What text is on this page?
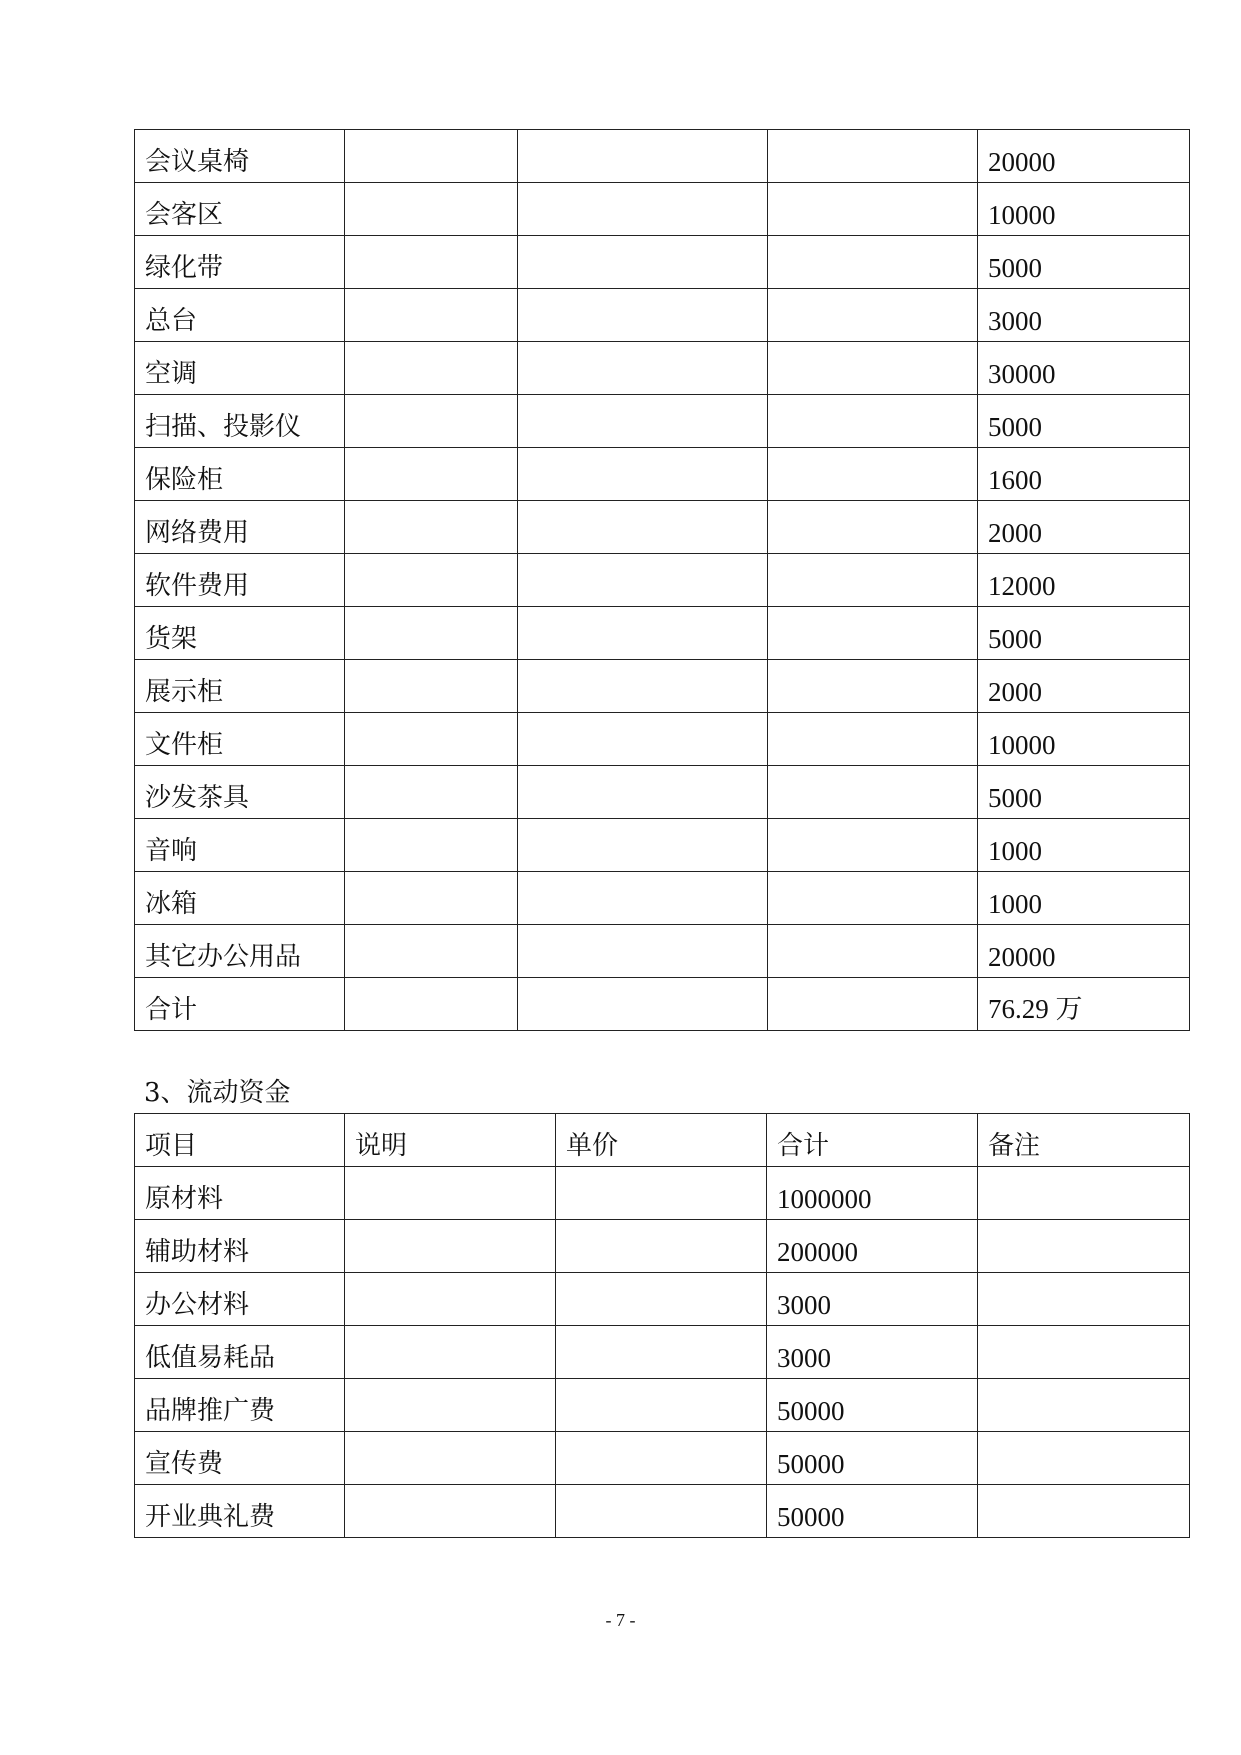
会议桌椅				20000
会客区				10000
绿化带				5000
总台				3000
空调				30000
扫描、投影仪				5000
保险柜				1600
网络费用				2000
软件费用				12000
货架				5000
展示柜				2000
文件柜				10000
沙发茶具				5000
音响				1000
冰箱				1000
其它办公用品				20000
合计				76.29 万
3、流动资金
项目	说明	单价	合计	备注
原材料			1000000	
辅助材料			200000	
办公材料			3000	
低值易耗品			3000	
品牌推广费			50000	
宣传费			50000	
开业典礼费			50000	
- 7 -
